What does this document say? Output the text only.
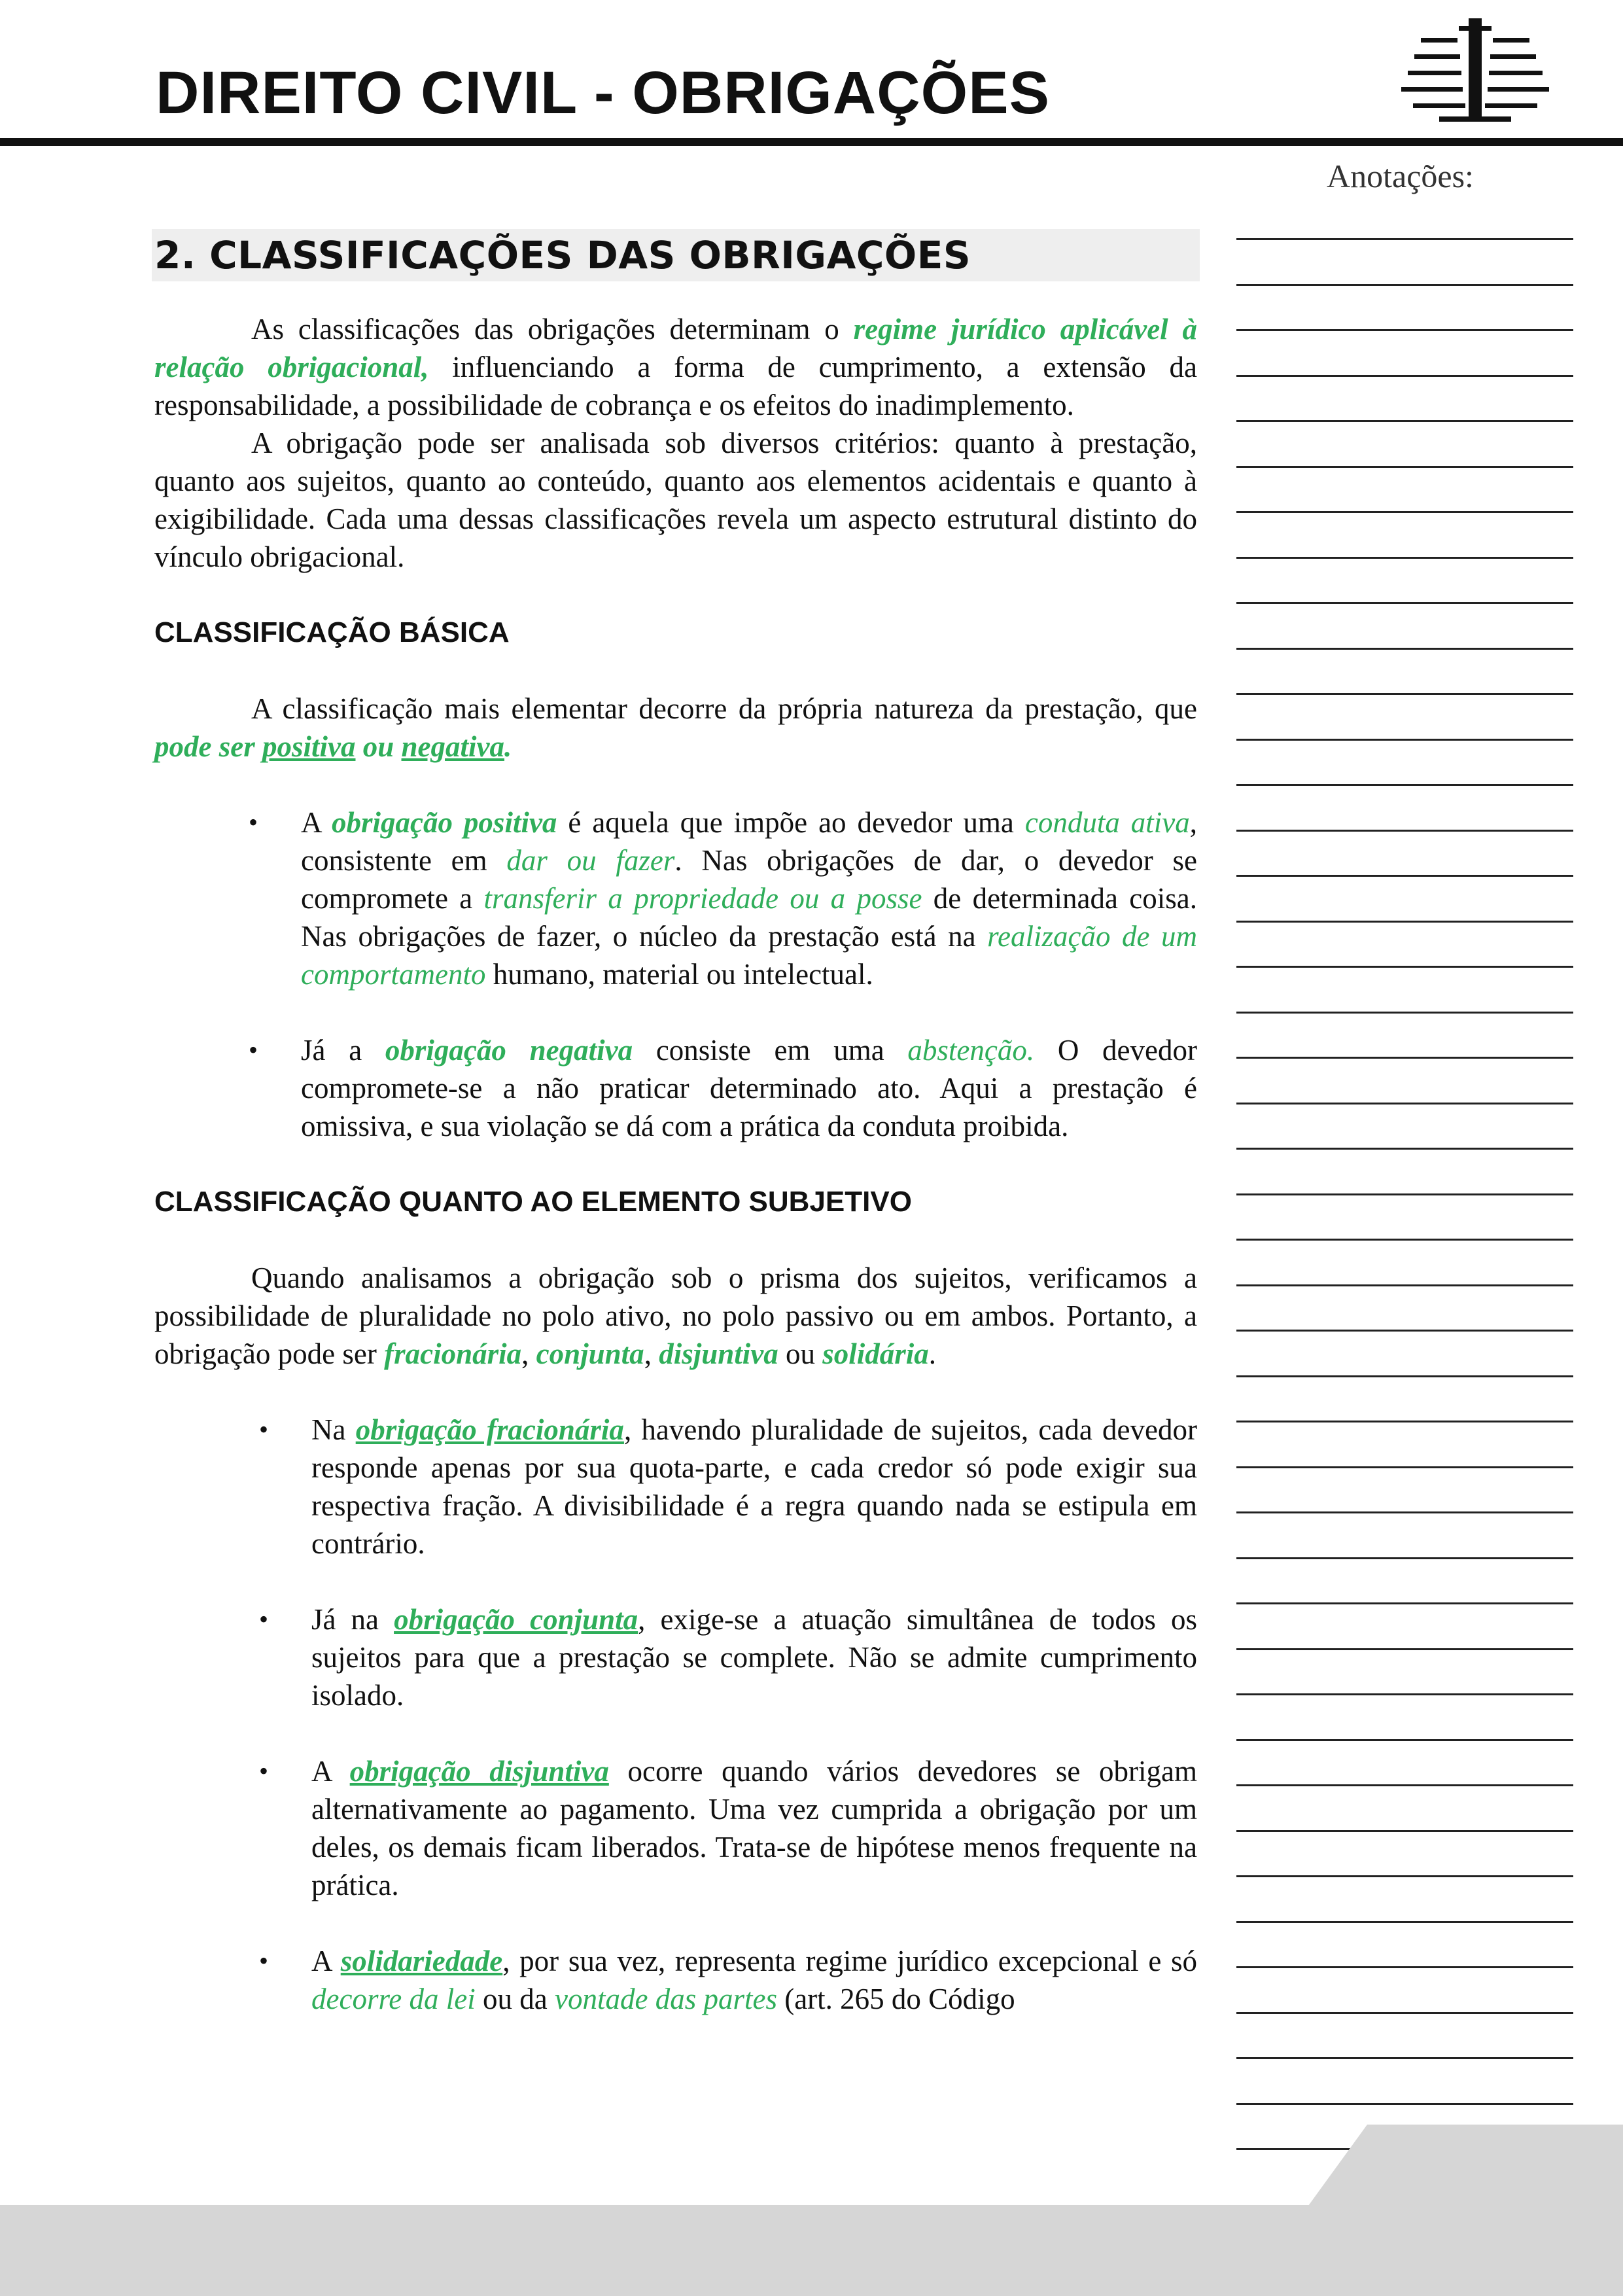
DIREITO CIVIL - OBRIGAÇÕES
Anotações:
2. CLASSIFICAÇÕES DAS OBRIGAÇÕES

As classificações das obrigações determinam o regime jurídico aplicável à relação obrigacional, influenciando a forma de cumprimento, a extensão da responsabilidade, a possibilidade de cobrança e os efeitos do inadimplemento.

A obrigação pode ser analisada sob diversos critérios: quanto à prestação, quanto aos sujeitos, quanto ao conteúdo, quanto aos elementos acidentais e quanto à exigibilidade. Cada uma dessas classificações revela um aspecto estrutural distinto do vínculo obrigacional.

CLASSIFICAÇÃO BÁSICA

A classificação mais elementar decorre da própria natureza da prestação, que pode ser positiva ou negativa.

• A obrigação positiva é aquela que impõe ao devedor uma conduta ativa, consistente em dar ou fazer. Nas obrigações de dar, o devedor se compromete a transferir a propriedade ou a posse de determinada coisa. Nas obrigações de fazer, o núcleo da prestação está na realização de um comportamento humano, material ou intelectual.
• Já a obrigação negativa consiste em uma abstenção. O devedor compromete-se a não praticar determinado ato. Aqui a prestação é omissiva, e sua violação se dá com a prática da conduta proibida.
CLASSIFICAÇÃO QUANTO AO ELEMENTO SUBJETIVO

Quando analisamos a obrigação sob o prisma dos sujeitos, verificamos a possibilidade de pluralidade no polo ativo, no polo passivo ou em ambos. Portanto, a obrigação pode ser fracionária, conjunta, disjuntiva ou solidária.

• Na obrigação fracionária, havendo pluralidade de sujeitos, cada devedor responde apenas por sua quota-parte, e cada credor só pode exigir sua respectiva fração. A divisibilidade é a regra quando nada se estipula em contrário.
• Já na obrigação conjunta, exige-se a atuação simultânea de todos os sujeitos para que a prestação se complete. Não se admite cumprimento isolado.
• A obrigação disjuntiva ocorre quando vários devedores se obrigam alternativamente ao pagamento. Uma vez cumprida a obrigação por um deles, os demais ficam liberados. Trata-se de hipótese menos frequente na prática.
• A solidariedade, por sua vez, representa regime jurídico excepcional e só decorre da lei ou da vontade das partes (art. 265 do Código
